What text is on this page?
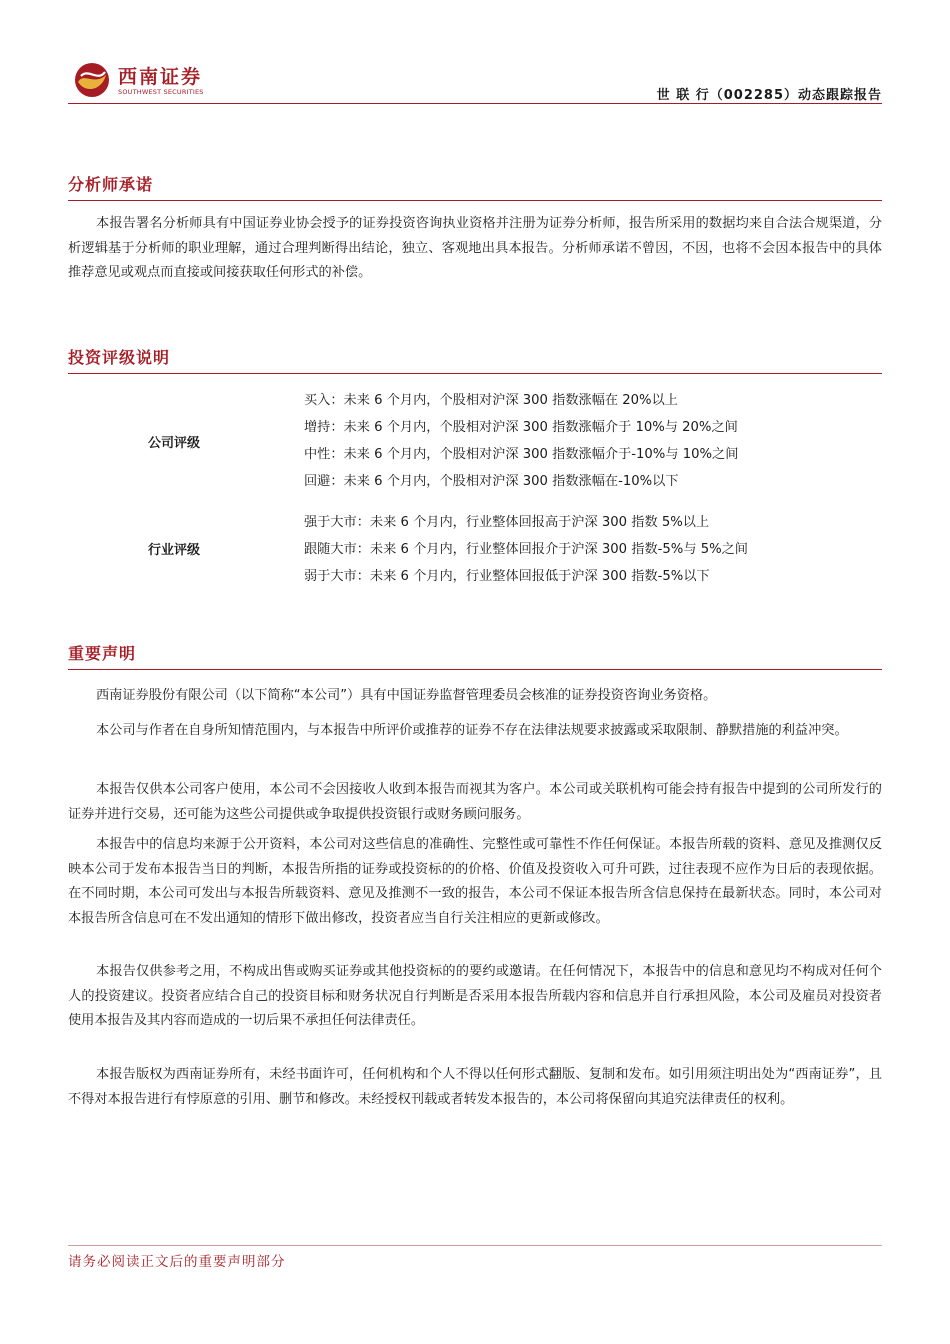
西南证券
SOUTHWEST SECURITIES	世 联 行（002285）动态跟踪报告
分析师承诺

本报告署名分析师具有中国证券业协会授予的证券投资咨询执业资格并注册为证券分析师，报告所采用的数据均来自合法合规渠道，分析逻辑基于分析师的职业理解，通过合理判断得出结论，独立、客观地出具本报告。分析师承诺不曾因，不因，也将不会因本报告中的具体推荐意见或观点而直接或间接获取任何形式的补偿。

投资评级说明
公司评级
买入：未来 6 个月内，个股相对沪深 300 指数涨幅在 20%以上
增持：未来 6 个月内，个股相对沪深 300 指数涨幅介于 10%与 20%之间
中性：未来 6 个月内，个股相对沪深 300 指数涨幅介于-10%与 10%之间
回避：未来 6 个月内，个股相对沪深 300 指数涨幅在-10%以下
行业评级
强于大市：未来 6 个月内，行业整体回报高于沪深 300 指数 5%以上
跟随大市：未来 6 个月内，行业整体回报介于沪深 300 指数-5%与 5%之间
弱于大市：未来 6 个月内，行业整体回报低于沪深 300 指数-5%以下
重要声明

西南证券股份有限公司（以下简称“本公司”）具有中国证券监督管理委员会核准的证券投资咨询业务资格。

本公司与作者在自身所知情范围内，与本报告中所评价或推荐的证券不存在法律法规要求披露或采取限制、静默措施的利益冲突。

本报告仅供本公司客户使用，本公司不会因接收人收到本报告而视其为客户。本公司或关联机构可能会持有报告中提到的公司所发行的证券并进行交易，还可能为这些公司提供或争取提供投资银行或财务顾问服务。

本报告中的信息均来源于公开资料，本公司对这些信息的准确性、完整性或可靠性不作任何保证。本报告所载的资料、意见及推测仅反映本公司于发布本报告当日的判断，本报告所指的证券或投资标的的价格、价值及投资收入可升可跌，过往表现不应作为日后的表现依据。在不同时期，本公司可发出与本报告所载资料、意见及推测不一致的报告，本公司不保证本报告所含信息保持在最新状态。同时，本公司对本报告所含信息可在不发出通知的情形下做出修改，投资者应当自行关注相应的更新或修改。

本报告仅供参考之用，不构成出售或购买证券或其他投资标的的要约或邀请。在任何情况下，本报告中的信息和意见均不构成对任何个人的投资建议。投资者应结合自己的投资目标和财务状况自行判断是否采用本报告所载内容和信息并自行承担风险，本公司及雇员对投资者使用本报告及其内容而造成的一切后果不承担任何法律责任。

本报告版权为西南证券所有，未经书面许可，任何机构和个人不得以任何形式翻版、复制和发布。如引用须注明出处为“西南证券”，且不得对本报告进行有悖原意的引用、删节和修改。未经授权刊载或者转发本报告的，本公司将保留向其追究法律责任的权利。

请务必阅读正文后的重要声明部分
